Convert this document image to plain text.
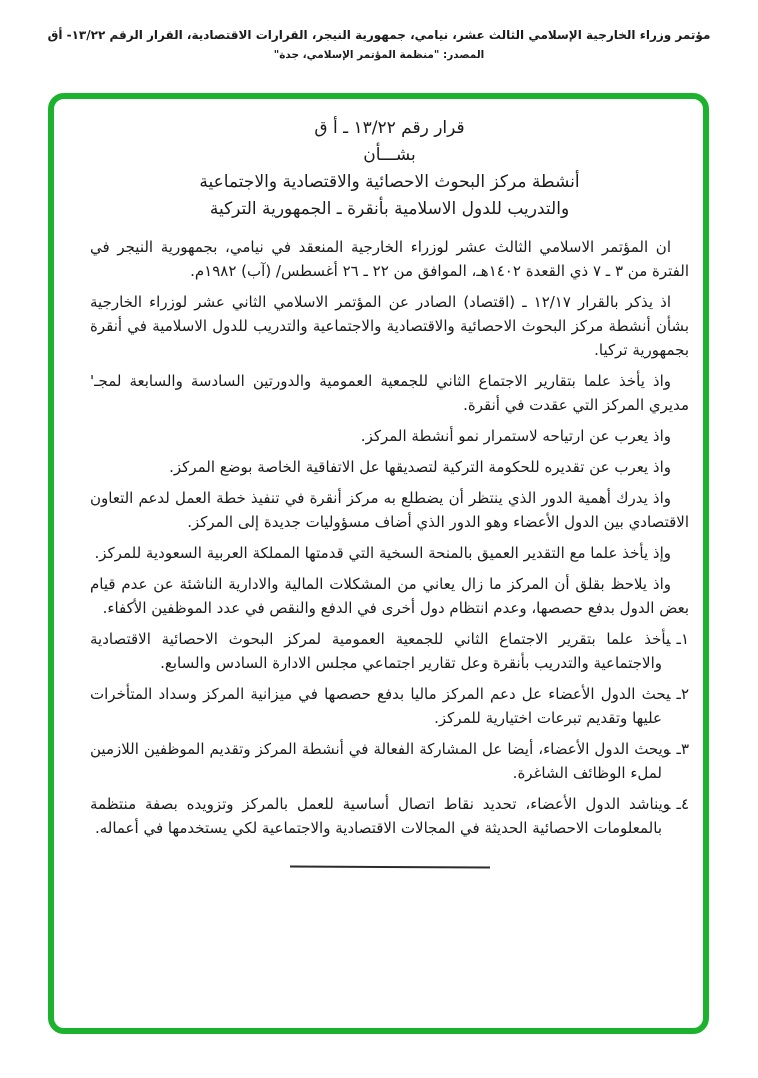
مؤتمر وزراء الخارجية الإسلامي الثالث عشر، نيامي، جمهورية النيجر، القرارات الاقتصادية، القرار الرقم ١٣/٢٢- أق
المصدر: "منظمة المؤتمر الإسلامي، جدة"
قرار رقم ١٣/٢٢ ـ أ ق
بشـــأن
أنشطة مركز البحوث الاحصائية والاقتصادية والاجتماعية
والتدريب للدول الاسلامية بأنقرة ـ الجمهورية التركية

ان المؤتمر الاسلامي الثالث عشر لوزراء الخارجية المنعقد في نيامي، بجمهورية النيجر في الفترة من ٣ ـ ٧ ذي القعدة ١٤٠٢هـ، الموافق من ٢٢ ـ ٢٦ أغسطس/ (آب) ١٩٨٢م.

اذ يذكر بالقرار ١٢/١٧ ـ (اقتصاد) الصادر عن المؤتمر الاسلامي الثاني عشر لوزراء الخارجية بشأن أنشطة مركز البحوث الاحصائية والاقتصادية والاجتماعية والتدريب للدول الاسلامية في أنقرة بجمهورية تركيا.

واذ يأخذ علما بتقارير الاجتماع الثاني للجمعية العمومية والدورتين السادسة والسابعة لمجـ' مديري المركز التي عقدت في أنقرة.

واذ يعرب عن ارتياحه لاستمرار نمو أنشطة المركز.

واذ يعرب عن تقديره للحكومة التركية لتصديقها عل الاتفاقية الخاصة بوضع المركز.

واذ يدرك أهمية الدور الذي ينتظر أن يضطلع به مركز أنقرة في تنفيذ خطة العمل لدعم التعاون الاقتصادي بين الدول الأعضاء وهو الدور الذي أضاف مسؤوليات جديدة إلى المركز.

وإذ يأخذ علما مع التقدير العميق بالمنحة السخية التي قدمتها المملكة العربية السعودية للمركز.

واذ يلاحظ بقلق أن المركز ما زال يعاني من المشكلات المالية والادارية الناشئة عن عدم قيام بعض الدول بدفع حصصها، وعدم انتظام دول أخرى في الدفع والنقص في عدد الموظفين الأكفاء.

١ـيأخذ علما بتقرير الاجتماع الثاني للجمعية العمومية لمركز البحوث الاحصائية الاقتصادية والاجتماعية والتدريب بأنقرة وعل تقارير اجتماعي مجلس الادارة السادس والسابع.
٢ـيحث الدول الأعضاء عل دعم المركز ماليا بدفع حصصها في ميزانية المركز وسداد المتأخرات عليها وتقديم تبرعات اختيارية للمركز.
٣ـويحث الدول الأعضاء، أيضا عل المشاركة الفعالة في أنشطة المركز وتقديم الموظفين اللازمين لملء الوظائف الشاغرة.
٤ـويناشد الدول الأعضاء، تحديد نقاط اتصال أساسية للعمل بالمركز وتزويده بصفة منتظمة بالمعلومات الاحصائية الحديثة في المجالات الاقتصادية والاجتماعية لكي يستخدمها في أعماله.
